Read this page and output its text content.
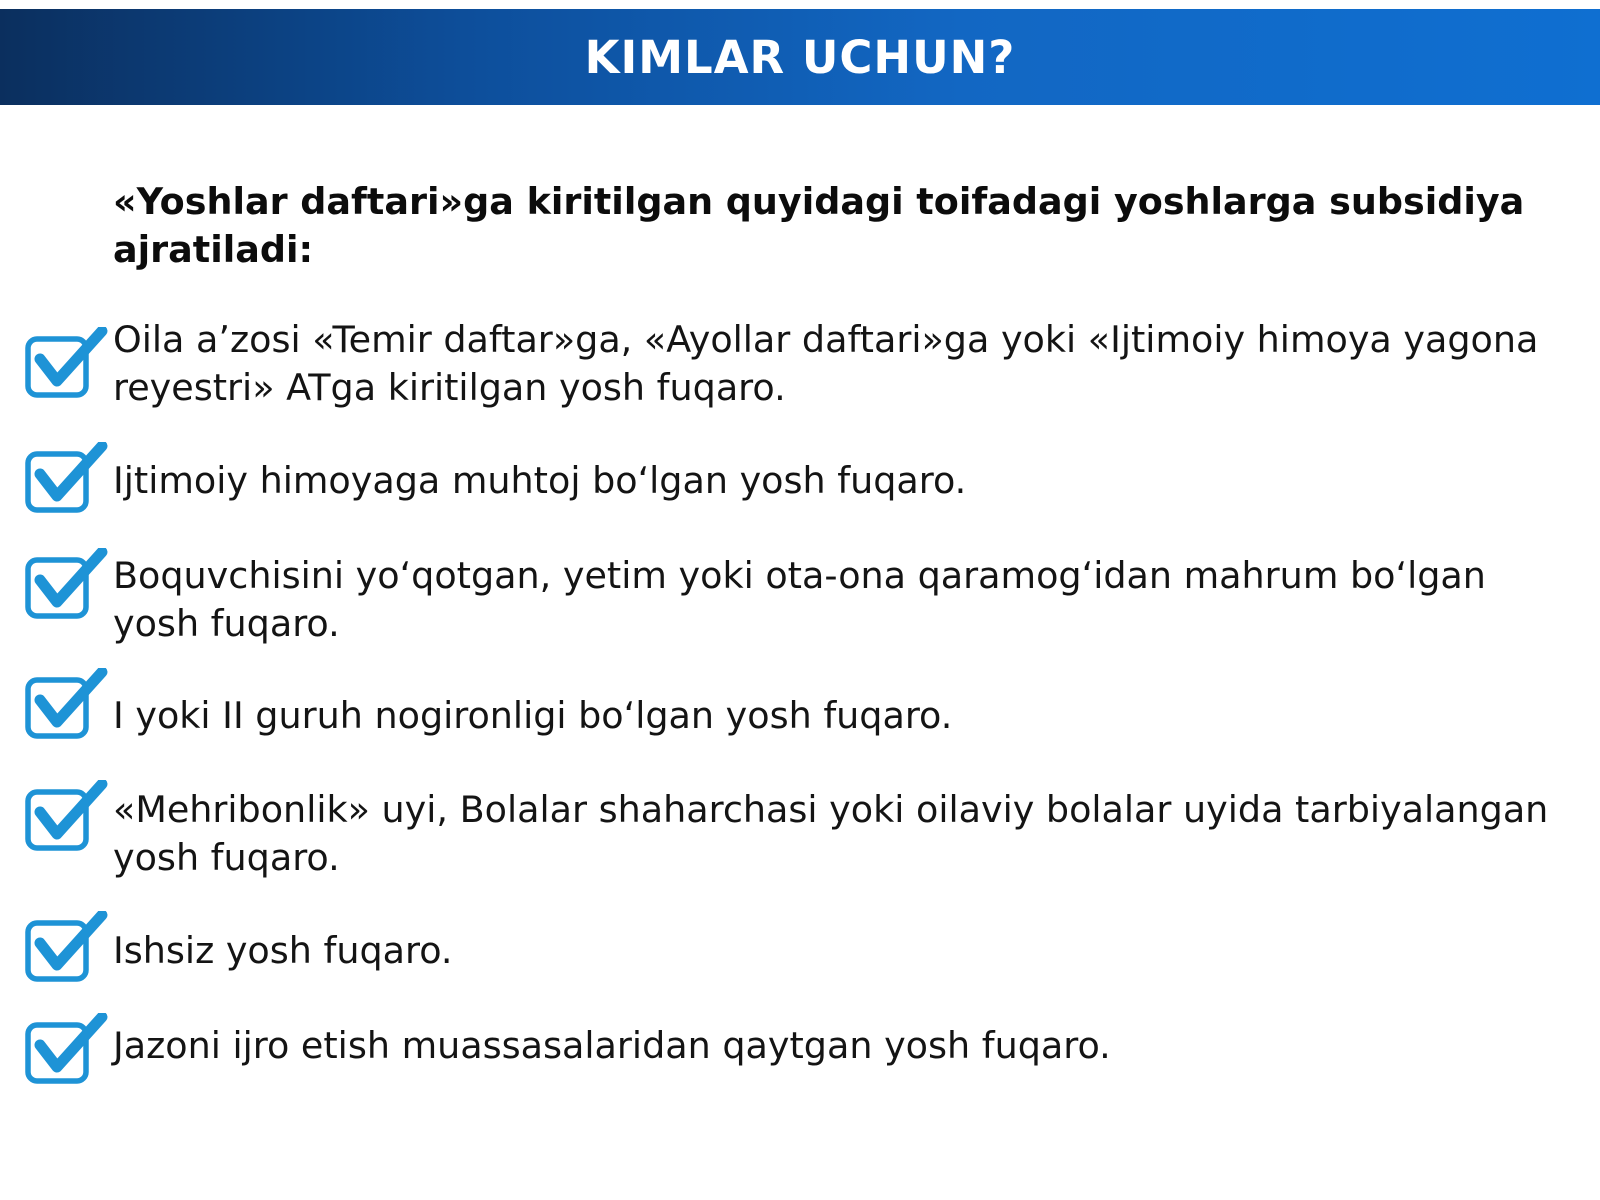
KIMLAR UCHUN?
«Yoshlar daftari»ga kiritilgan quyidagi toifadagi yoshlarga subsidiya ajratiladi:
Oila a’zosi «Temir daftar»ga, «Ayollar daftari»ga yoki «Ijtimoiy himoya yagona reyestri» ATga kiritilgan yosh fuqaro.
Ijtimoiy himoyaga muhtoj bo‘lgan yosh fuqaro.
Boquvchisini yo‘qotgan, yetim yoki ota-ona qaramog‘idan mahrum bo‘lgan yosh fuqaro.
I yoki II guruh nogironligi bo‘lgan yosh fuqaro.
«Mehribonlik» uyi, Bolalar shaharchasi yoki oilaviy bolalar uyida tarbiyalangan yosh fuqaro.
Ishsiz yosh fuqaro.
Jazoni ijro etish muassasalaridan qaytgan yosh fuqaro.
